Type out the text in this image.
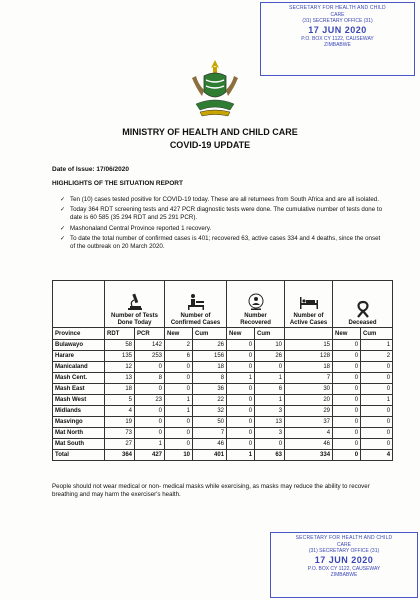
SECRETARY FOR HEALTH AND CHILD
CARE
(31) SECRETARY OFFICE (31)
17 JUN 2020
P.O. BOX CY 1122, CAUSEWAY
ZIMBABWE
MINISTRY OF HEALTH AND CHILD CARE
COVID-19 UPDATE
Date of Issue: 17/06/2020
HIGHLIGHTS OF THE SITUATION REPORT
✓ Ten (10) cases tested positive for COVID-19 today. These are all returnees from South Africa and are all isolated.
✓ Today 364 RDT screening tests and 427 PCR diagnostic tests were done. The cumulative number of tests done to date is 60 585 (35 294 RDT and 25 291 PCR).
✓ Mashonaland Central Province reported 1 recovery.
✓ To date the total number of confirmed cases is 401; recovered 63, active cases 334 and 4 deaths, since the onset of the outbreak on 20 March 2020.

Number of Tests Done Today		Number of Confirmed Cases		Number Recovered		Number of Active Cases	Deceased	
Province	RDT	PCR	New	Cum	New	Cum		New	Cum
Bulawayo	58	142	2	26	0	10	15	0	1
Harare	135	253	6	156	0	26	128	0	2
Manicaland	12	0	0	18	0	0	18	0	0
Mash Cent.	13	8	0	8	1	1	7	0	0
Mash East	18	0	0	36	0	6	30	0	0
Mash West	5	23	1	22	0	1	20	0	1
Midlands	4	0	1	32	0	3	29	0	0
Masvingo	19	0	0	50	0	13	37	0	0
Mat North	73	0	0	7	0	3	4	0	0
Mat South	27	1	0	46	0	0	46	0	0
Total	364	427	10	401	1	63	334	0	4
People should not wear medical or non- medical masks while exercising, as masks may reduce the ability to recover breathing and may harm the exerciser's health.
SECRETARY FOR HEALTH AND CHILD
CARE
(31) SECRETARY OFFICE (31)
17 JUN 2020
P.O. BOX CY 1122, CAUSEWAY
ZIMBABWE
